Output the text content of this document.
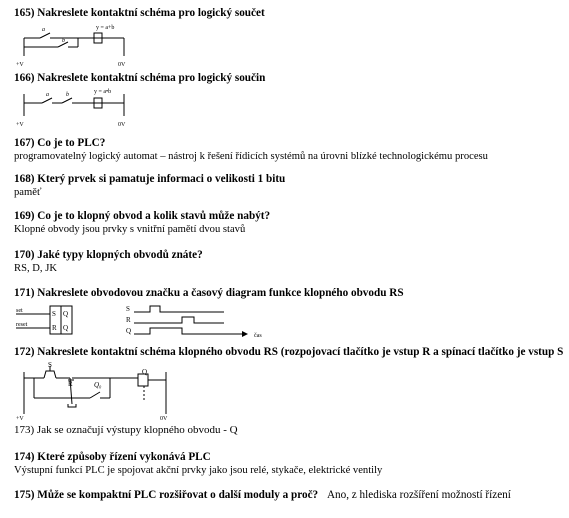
165) Nakreslete kontaktní schéma pro logický součet
y = a+b
a
b
+V	0V
166) Nakreslete kontaktní schéma pro logický součin
y = a•b
a	b
+V	0V
167) Co je to PLC?
programovatelný logický automat – nástroj k řešení řídicích systémů na úrovni blízké technologickému procesu
168) Který prvek si pamatuje informaci o velikosti 1 bitu
paměť
169) Co je to klopný obvod a kolik stavů může nabýt?
Klopné obvody jsou prvky s vnitřní pamětí dvou stavů
170) Jaké typy klopných obvodů znáte?
RS, D, JK
171) Nakreslete obvodovou značku a časový diagram funkce klopného obvodu RS
set
reset
S
R
Q
Q
S
R
Q
čas
172) Nakreslete kontaktní schéma klopného obvodu RS (rozpojovací tlačítko je vstup R a spínací tlačítko je vstup S
S
R	Q₀
Q
+V	0V
173) Jak se označují výstupy klopného obvodu - Q
174) Které způsoby řízení vykonává PLC
Výstupní funkcí PLC je spojovat akční prvky jako jsou relé, stykače, elektrické ventily
175) Může se kompaktní PLC rozšiřovat o další moduly a proč? Ano, z hlediska rozšíření možností řízení
